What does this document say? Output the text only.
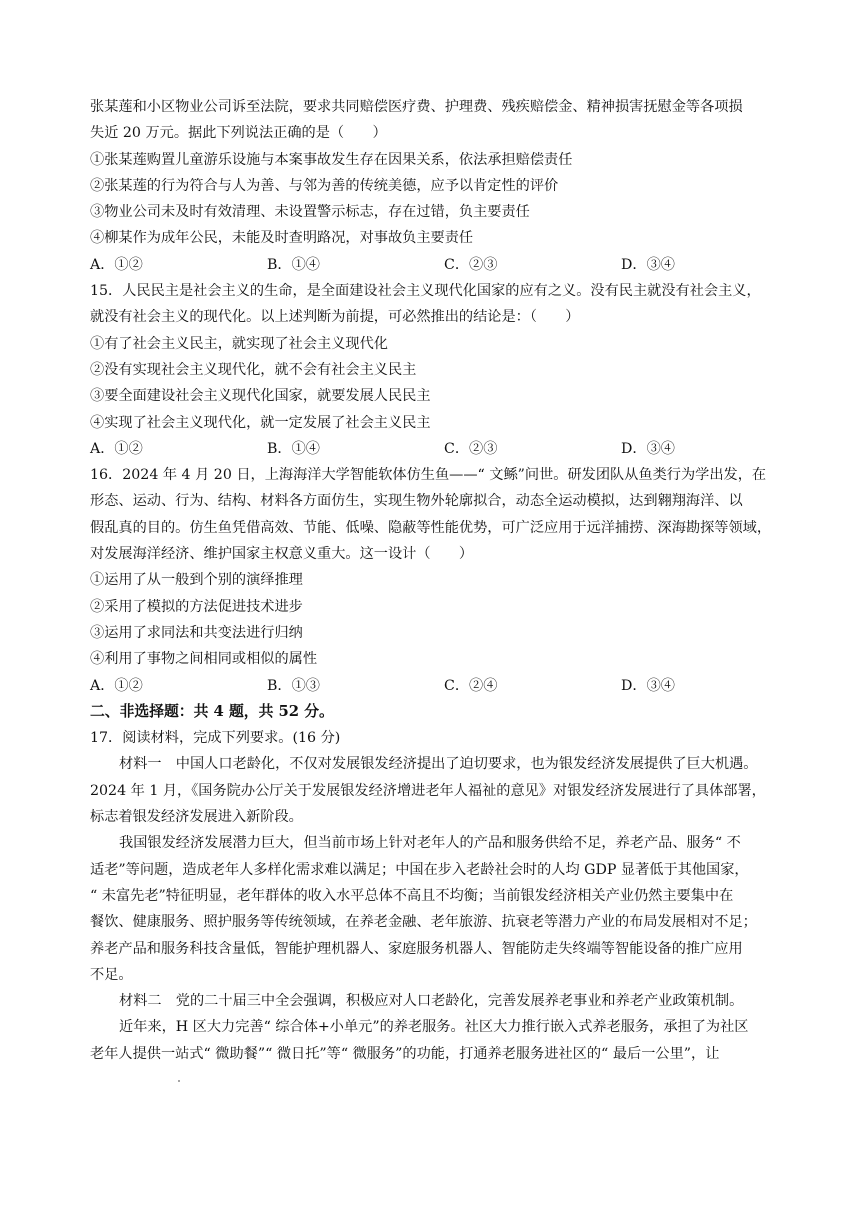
张某莲和小区物业公司诉至法院，要求共同赔偿医疗费、护理费、残疾赔偿金、精神损害抚慰金等各项损
失近 20 万元。据此下列说法正确的是（　　）
①张某莲购置儿童游乐设施与本案事故发生存在因果关系，依法承担赔偿责任
②张某莲的行为符合与人为善、与邻为善的传统美德，应予以肯定性的评价
③物业公司未及时有效清理、未设置警示标志，存在过错，负主要责任
④柳某作为成年公民，未能及时查明路况，对事故负主要责任
A．①②	B．①④	C．②③	D．③④
15．人民民主是社会主义的生命，是全面建设社会主义现代化国家的应有之义。没有民主就没有社会主义，
就没有社会主义的现代化。以上述判断为前提，可必然推出的结论是：（　　）
①有了社会主义民主，就实现了社会主义现代化
②没有实现社会主义现代化，就不会有社会主义民主
③要全面建设社会主义现代化国家，就要发展人民民主
④实现了社会主义现代化，就一定发展了社会主义民主
A．①②	B．①④	C．②③	D．③④
16．2024 年 4 月 20 日，上海海洋大学智能软体仿生鱼——“ 文鲧”问世。研发团队从鱼类行为学出发，在
形态、运动、行为、结构、材料各方面仿生，实现生物外轮廓拟合，动态全运动模拟，达到翱翔海洋、以
假乱真的目的。仿生鱼凭借高效、节能、低噪、隐蔽等性能优势，可广泛应用于远洋捕捞、深海勘探等领域，
对发展海洋经济、维护国家主权意义重大。这一设计（　　）
①运用了从一般到个别的演绎推理
②采用了模拟的方法促进技术进步
③运用了求同法和共变法进行归纳
④利用了事物之间相同或相似的属性
A．①②	B．①③	C．②④	D．③④
二、非选择题：共 4 题，共 52 分。
17．阅读材料，完成下列要求。(16 分)
材料一　中国人口老龄化，不仅对发展银发经济提出了迫切要求，也为银发经济发展提供了巨大机遇。
2024 年 1 月，《国务院办公厅关于发展银发经济增进老年人福祉的意见》对银发经济发展进行了具体部署，
标志着银发经济发展进入新阶段。
我国银发经济发展潜力巨大，但当前市场上针对老年人的产品和服务供给不足，养老产品、服务“ 不
适老”等问题，造成老年人多样化需求难以满足；中国在步入老龄社会时的人均 GDP 显著低于其他国家，
“ 未富先老”特征明显，老年群体的收入水平总体不高且不均衡；当前银发经济相关产业仍然主要集中在
餐饮、健康服务、照护服务等传统领域，在养老金融、老年旅游、抗衰老等潜力产业的布局发展相对不足；
养老产品和服务科技含量低，智能护理机器人、家庭服务机器人、智能防走失终端等智能设备的推广应用
不足。
材料二　党的二十届三中全会强调，积极应对人口老龄化，完善发展养老事业和养老产业政策机制。
近年来，H 区大力完善“ 综合体+小单元”的养老服务。社区大力推行嵌入式养老服务，承担了为社区
老年人提供一站式“ 微助餐”“ 微日托”等“ 微服务”的功能，打通养老服务进社区的“ 最后一公里”，让
